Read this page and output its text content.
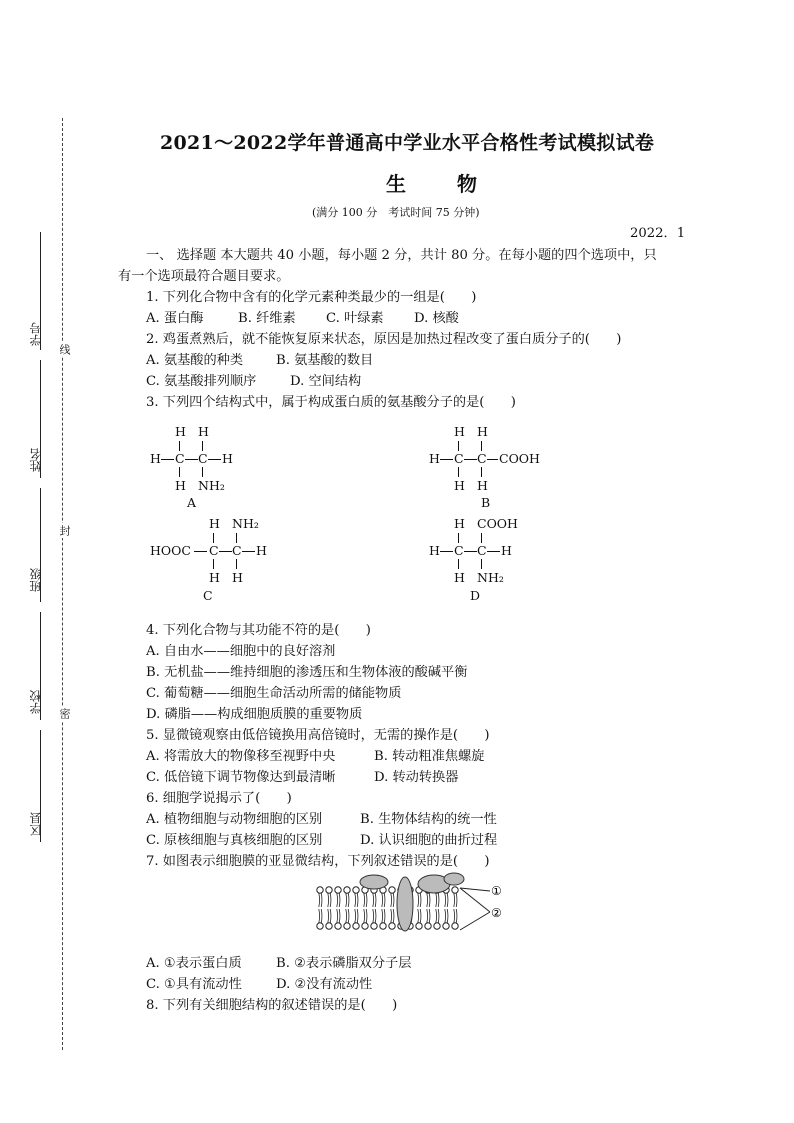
学号
姓名
班级
学校
区县
线
封
密
2021～2022学年普通高中学业水平合格性考试模拟试卷
生 物
(满分 100 分　考试时间 75 分钟)
2022．1
一、 选择题 本大题共 40 小题，每小题 2 分，共计 80 分。在每小题的四个选项中，只
有一个选项最符合题目要求。
1. 下列化合物中含有的化学元素种类最少的一组是(　　)
A. 蛋白酶	B. 纤维素 C. 叶绿素 D. 核酸
2. 鸡蛋煮熟后，就不能恢复原来状态，原因是加热过程改变了蛋白质分子的(　　)
A. 氨基酸的种类 B. 氨基酸的数目
C. 氨基酸排列顺序	D. 空间结构
3. 下列四个结构式中，属于构成蛋白质的氨基酸分子的是(　　)
H H
H C C H
H NH₂
A
H H
H C C COOH
H H
B
H NH₂
HOOC C C H
H H
C
H COOH
H C C H
H NH₂
D
4. 下列化合物与其功能不符的是(　　)
A. 自由水——细胞中的良好溶剂
B. 无机盐——维持细胞的渗透压和生物体液的酸碱平衡
C. 葡萄糖——细胞生命活动所需的储能物质
D. 磷脂——构成细胞质膜的重要物质
5. 显微镜观察由低倍镜换用高倍镜时，无需的操作是(　　)
A. 将需放大的物像移至视野中央	B. 转动粗准焦螺旋
C. 低倍镜下调节物像达到最清晰	D. 转动转换器
6. 细胞学说揭示了(　　)
A. 植物细胞与动物细胞的区别	B. 生物体结构的统一性
C. 原核细胞与真核细胞的区别	D. 认识细胞的曲折过程
7. 如图表示细胞膜的亚显微结构，下列叙述错误的是(　　)
①
②
A. ①表示蛋白质	B. ②表示磷脂双分子层
C. ①具有流动性	D. ②没有流动性
8. 下列有关细胞结构的叙述错误的是(　　)
